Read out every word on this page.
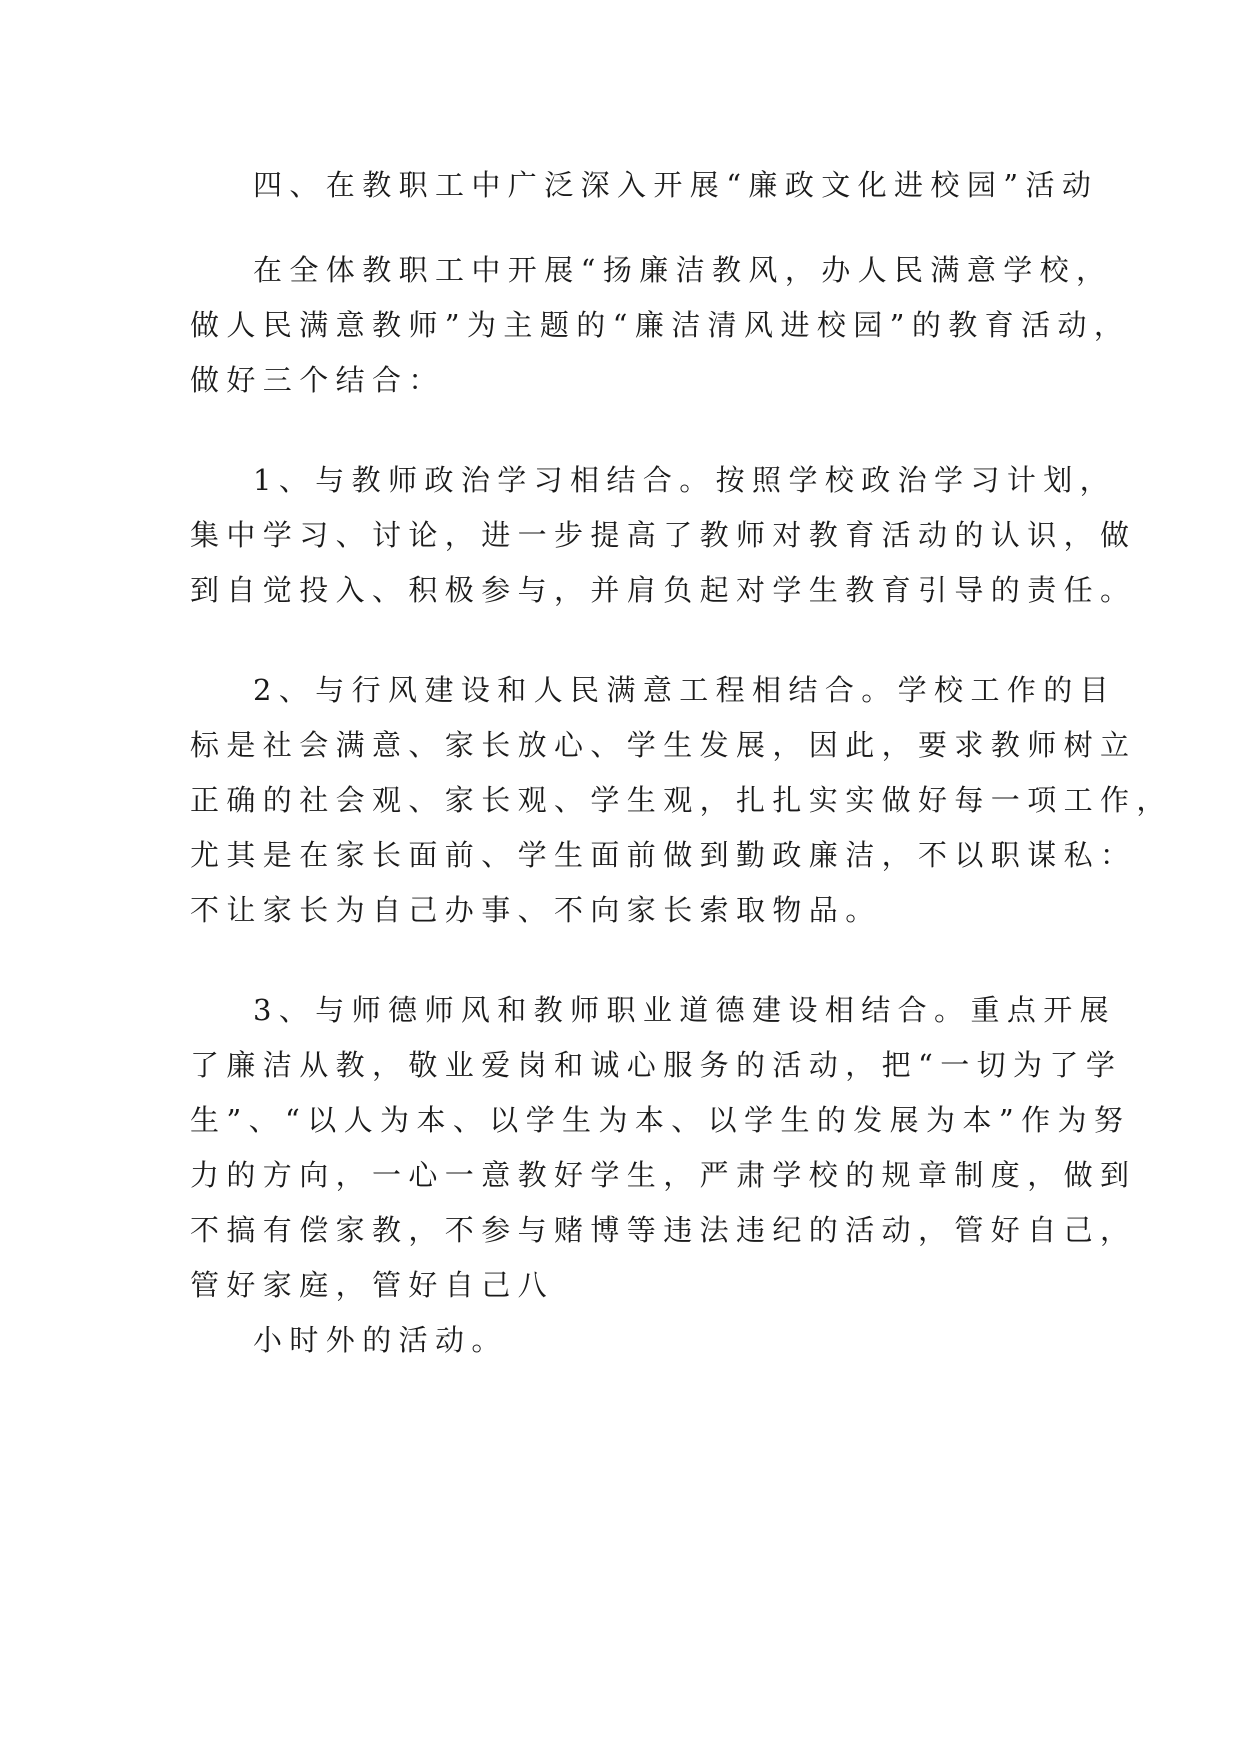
四、在教职工中广泛深入开展“廉政文化进校园”活动
在全体教职工中开展“扬廉洁教风，办人民满意学校，
做人民满意教师”为主题的“廉洁清风进校园”的教育活动，
做好三个结合：
1、与教师政治学习相结合。按照学校政治学习计划，
集中学习、讨论，进一步提高了教师对教育活动的认识，做
到自觉投入、积极参与，并肩负起对学生教育引导的责任。
2、与行风建设和人民满意工程相结合。学校工作的目
标是社会满意、家长放心、学生发展，因此，要求教师树立
正确的社会观、家长观、学生观，扎扎实实做好每一项工作，
尤其是在家长面前、学生面前做到勤政廉洁，不以职谋私：
不让家长为自己办事、不向家长索取物品。
3、与师德师风和教师职业道德建设相结合。重点开展
了廉洁从教，敬业爱岗和诚心服务的活动，把“一切为了学
生”、“以人为本、以学生为本、以学生的发展为本”作为努
力的方向，一心一意教好学生，严肃学校的规章制度，做到
不搞有偿家教，不参与赌博等违法违纪的活动，管好自己，
管好家庭，管好自己八
小时外的活动。
